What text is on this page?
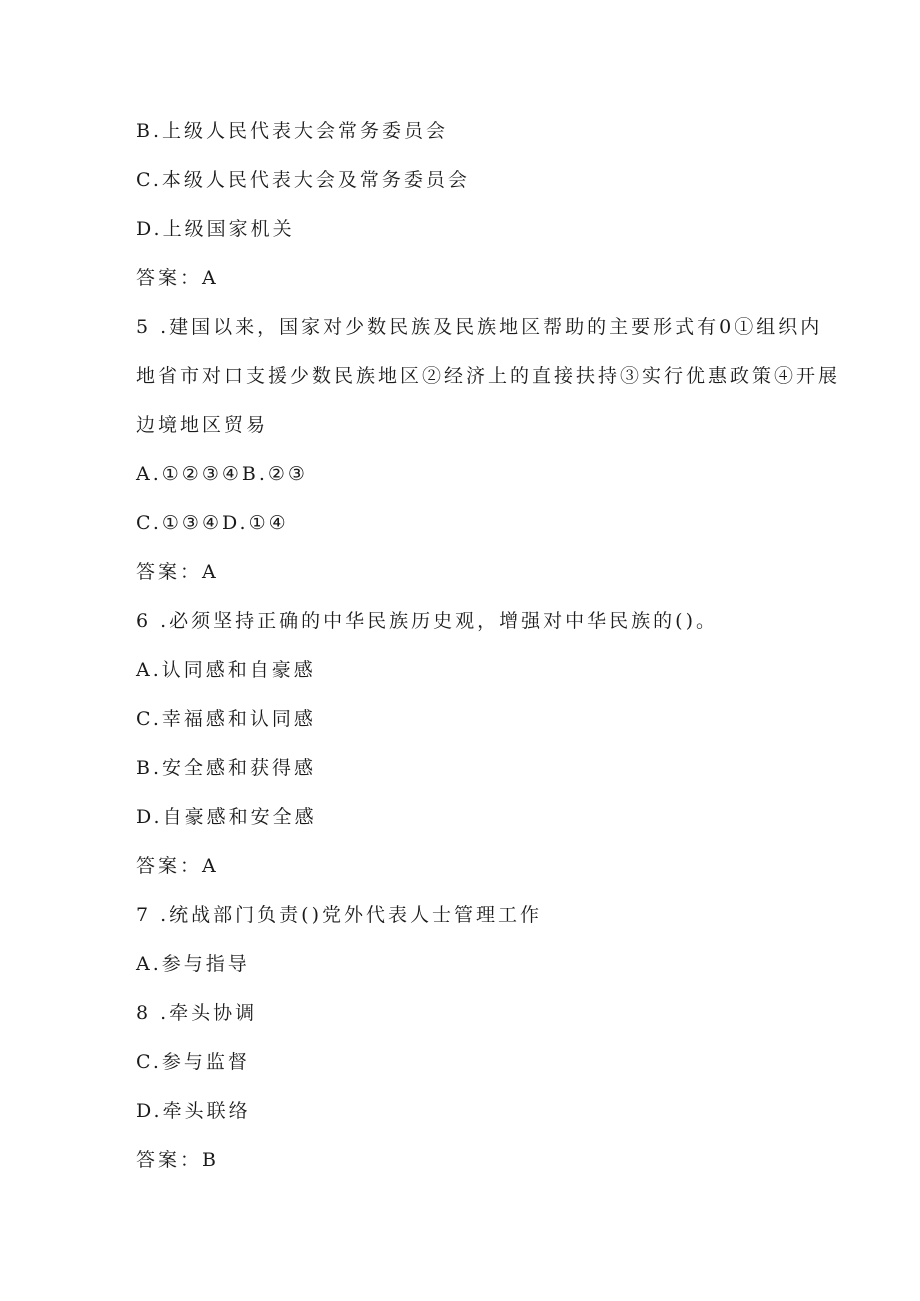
B.上级人民代表大会常务委员会

C.本级人民代表大会及常务委员会

D.上级国家机关

答案：A

5 .建国以来，国家对少数民族及民族地区帮助的主要形式有0①组织内

地省市对口支援少数民族地区②经济上的直接扶持③实行优惠政策④开展

边境地区贸易

A.①②③④B.②③

C.①③④D.①④

答案：A

6 .必须坚持正确的中华民族历史观，增强对中华民族的()。

A.认同感和自豪感

C.幸福感和认同感

B.安全感和获得感

D.自豪感和安全感

答案：A

7 .统战部门负责()党外代表人士管理工作

A.参与指导

8 .牵头协调

C.参与监督

D.牵头联络

答案：B
